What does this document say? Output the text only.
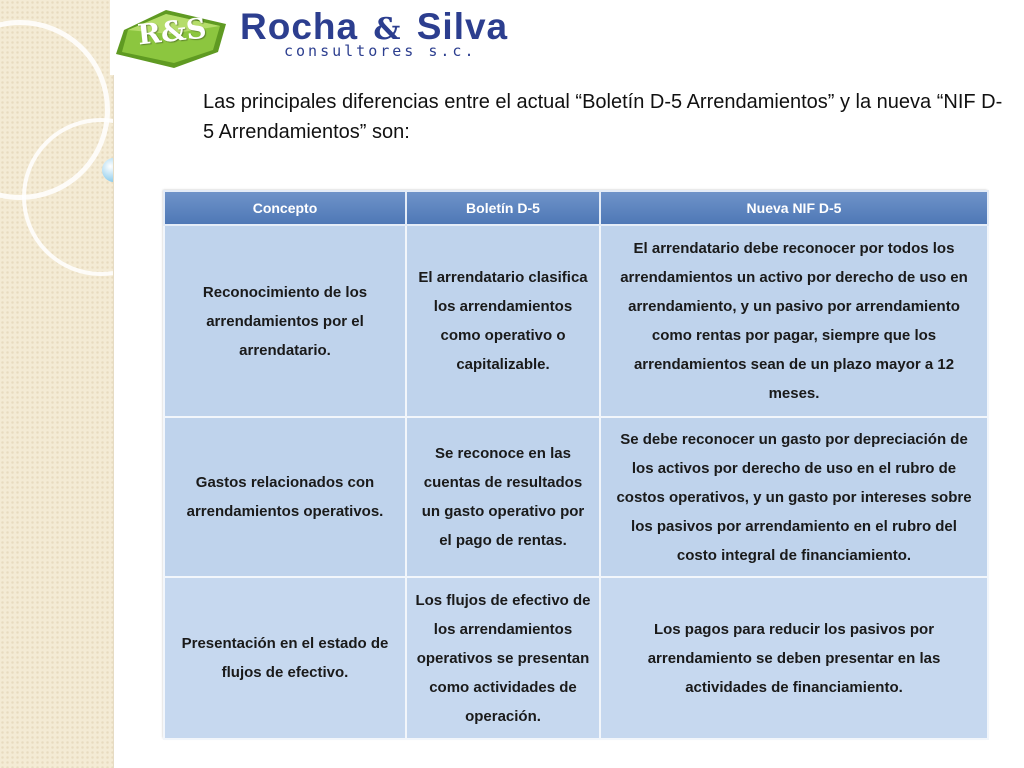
R&S Rocha & Silva
consultores s.c.
Las principales diferencias entre el actual “Boletín D-5 Arrendamientos” y la nueva “NIF D-5 Arrendamientos” son:
Concepto	Boletín D-5	Nueva NIF D-5
Reconocimiento de los arrendamientos por el arrendatario.	El arrendatario clasifica los arrendamientos como operativo o capitalizable.	El arrendatario debe reconocer por todos los arrendamientos un activo por derecho de uso en arrendamiento, y un pasivo por arrendamiento como rentas por pagar, siempre que los arrendamientos sean de un plazo mayor a 12 meses.
Gastos relacionados con arrendamientos operativos.	Se reconoce en las cuentas de resultados un gasto operativo por el pago de rentas.	Se debe reconocer un gasto por depreciación de los activos por derecho de uso en el rubro de costos operativos, y un gasto por intereses sobre los pasivos por arrendamiento en el rubro del costo integral de financiamiento.
Presentación en el estado de flujos de efectivo.	Los flujos de efectivo de los arrendamientos operativos se presentan como actividades de operación.	Los pagos para reducir los pasivos por arrendamiento se deben presentar en las actividades de financiamiento.
